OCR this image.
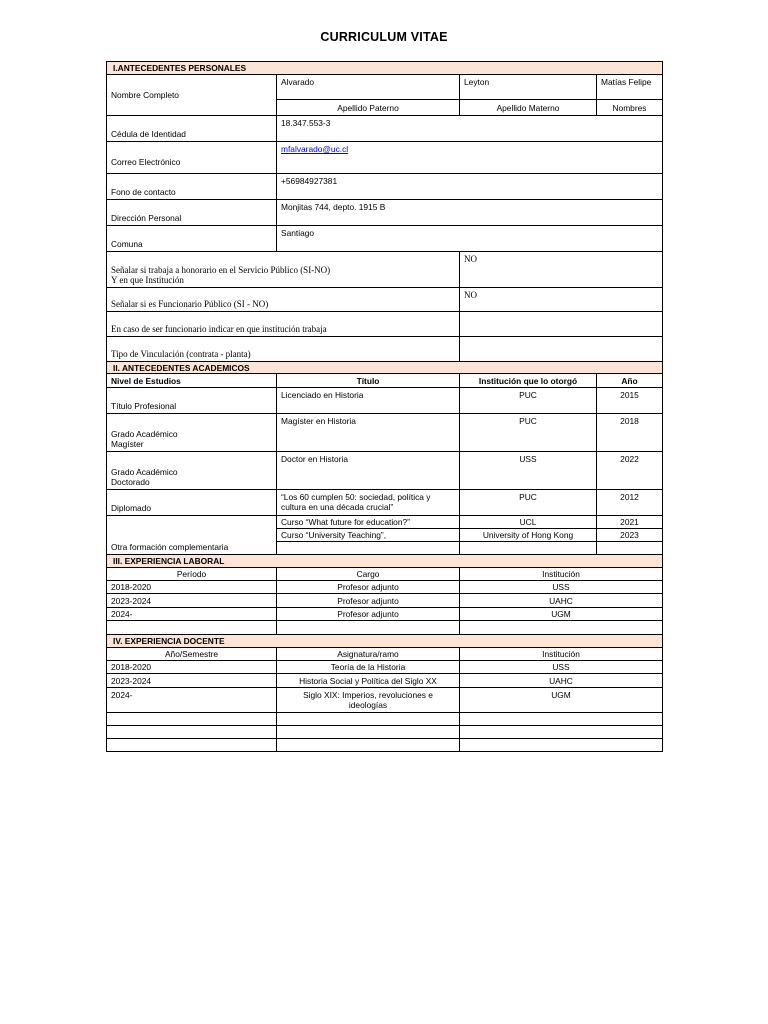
CURRICULUM VITAE
I.ANTECEDENTES PERSONALES			
Nombre Completo	Alvarado	Leyton	Matías Felipe
	Apellido Paterno	Apellido Materno	Nombres
Cédula de Identidad	18.347.553-3		
Correo Electrónico	mfalvarado@uc.cl		
Fono de contacto	+56984927381		
Dirección Personal	Monjitas 744, depto. 1915 B		
Comuna	Santiago		

Señalar si trabaja a honorario en el Servicio Público (SI-NO)
Y en que Institución		NO	
Señalar si es Funcionario Público (SI - NO)		NO	
En caso de ser funcionario indicar en que institución trabaja			
Tipo de Vinculación (contrata - planta)			
II. ANTECEDENTES ACADEMICOS			
Nivel de Estudios	Título	Institución que lo otorgó	Año
Título Profesional	Licenciado en Historia	PUC	2015

Grado Académico
Magíster	Magíster en Historia	PUC	2018

Grado Académico
Doctorado	Doctor en Historia	USS	2022
Diplomado	“Los 60 cumplen 50: sociedad, política y
cultura en una década crucial”	PUC	2012
Otra formación complementaria	Curso “What future for education?”	UCL	2021
	Curso “University Teaching”,	University of Hong Kong	2023

III. EXPERIENCIA LABORAL			
Período	Cargo	Institución	
2018-2020	Profesor adjunto	USS	
2023-2024	Profesor adjunto	UAHC	
2024-	Profesor adjunto	UGM	

IV. EXPERIENCIA DOCENTE			
Año/Semestre	Asignatura/ramo	Institución	
2018-2020	Teoría de la Historia	USS	
2023-2024	Historia Social y Política del Siglo XX	UAHC	
2024-	Siglo XIX: Imperios, revoluciones e
ideologías	UGM	
